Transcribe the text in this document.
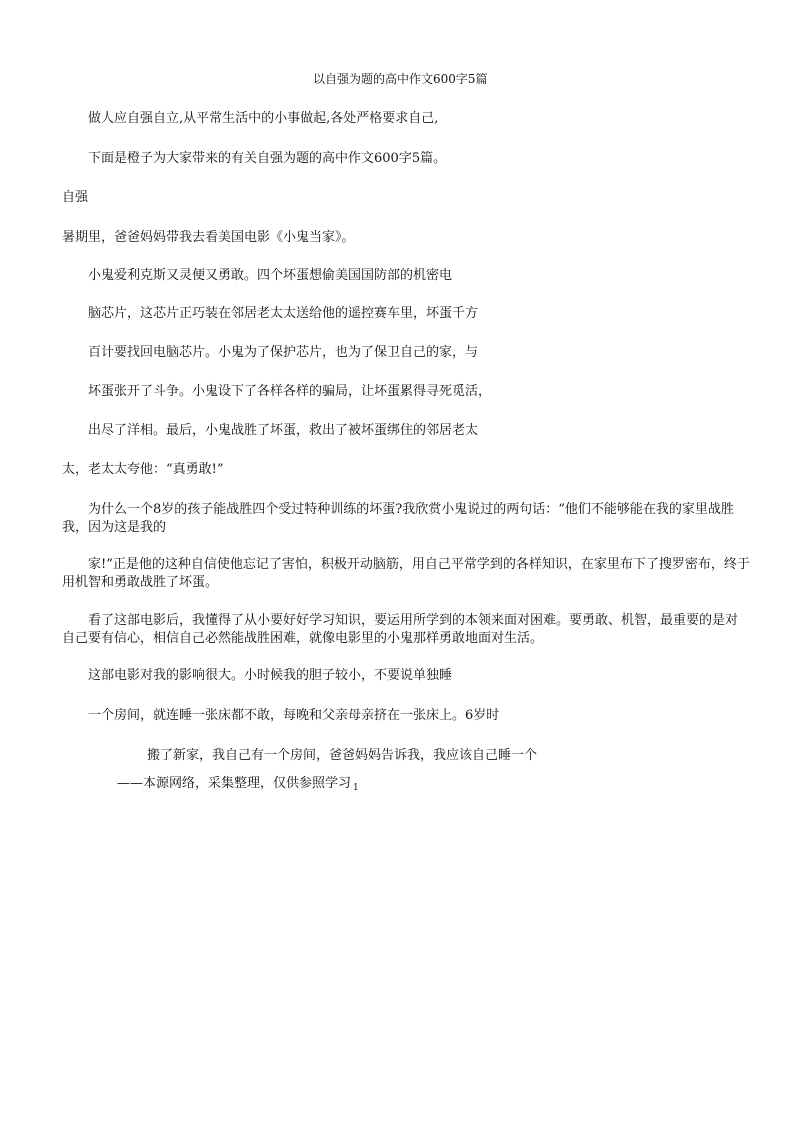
以自强为题的高中作文600字5篇
做人应自强自立,从平常生活中的小事做起,各处严格要求自己,
下面是橙子为大家带来的有关自强为题的高中作文600字5篇。
自强
暑期里，爸爸妈妈带我去看美国电影《小鬼当家》。
小鬼爱利克斯又灵便又勇敢。四个坏蛋想偷美国国防部的机密电
脑芯片，这芯片正巧装在邻居老太太送给他的遥控赛车里，坏蛋千方
百计要找回电脑芯片。小鬼为了保护芯片，也为了保卫自己的家，与
坏蛋张开了斗争。小鬼设下了各样各样的骗局，让坏蛋累得寻死觅活，
出尽了洋相。最后，小鬼战胜了坏蛋，救出了被坏蛋绑住的邻居老太
太，老太太夸他：“真勇敢!”
为什么一个8岁的孩子能战胜四个受过特种训练的坏蛋?我欣赏小鬼说过的两句话：“他们不能够能在我的家里战胜我，因为这是我的
家!”正是他的这种自信使他忘记了害怕，积极开动脑筋，用自己平常学到的各样知识，在家里布下了搜罗密布，终于用机智和勇敢战胜了坏蛋。
看了这部电影后，我懂得了从小要好好学习知识，要运用所学到的本领来面对困难。要勇敢、机智，最重要的是对自己要有信心，相信自己必然能战胜困难，就像电影里的小鬼那样勇敢地面对生活。
这部电影对我的影响很大。小时候我的胆子较小，不要说单独睡
一个房间，就连睡一张床都不敢，每晚和父亲母亲挤在一张床上。6岁时
搬了新家，我自己有一个房间，爸爸妈妈告诉我，我应该自己睡一个
——本源网络，采集整理，仅供参照学习 $_1$
